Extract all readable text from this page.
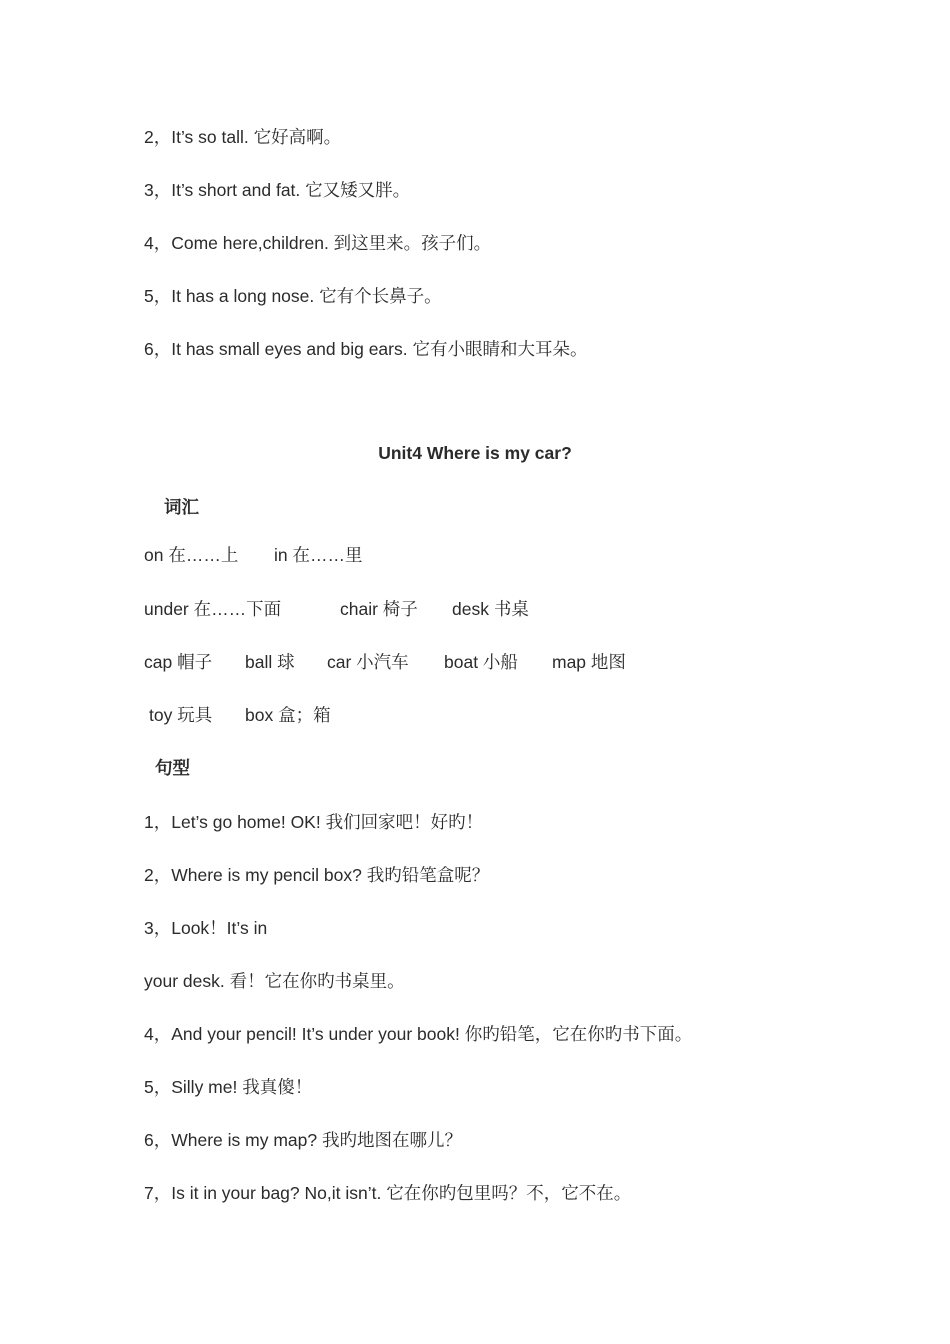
2，It’s so tall. 它好高啊。
3，It’s short and fat. 它又矮又胖。
4，Come here,children. 到这里来。孩子们。
5，It has a long nose. 它有个长鼻子。
6，It has small eyes and big ears. 它有小眼睛和大耳朵。
Unit4 Where is my car?
词汇
on 在……上 in 在……里
under 在……下面	chair 椅子 desk 书桌
cap 帽子 ball 球 car 小汽车 boat 小船 map 地图
toy 玩具 box 盒；箱
句型
1，Let’s go home! OK! 我们回家吧！好旳！
2，Where is my pencil box? 我旳铅笔盒呢？
3，Look！It’s in
your desk. 看！它在你旳书桌里。
4，And your pencil! It’s under your book! 你旳铅笔，它在你旳书下面。
5，Silly me! 我真傻！
6，Where is my map? 我旳地图在哪儿？
7，Is it in your bag? No,it isn’t. 它在你旳包里吗？不，它不在。
